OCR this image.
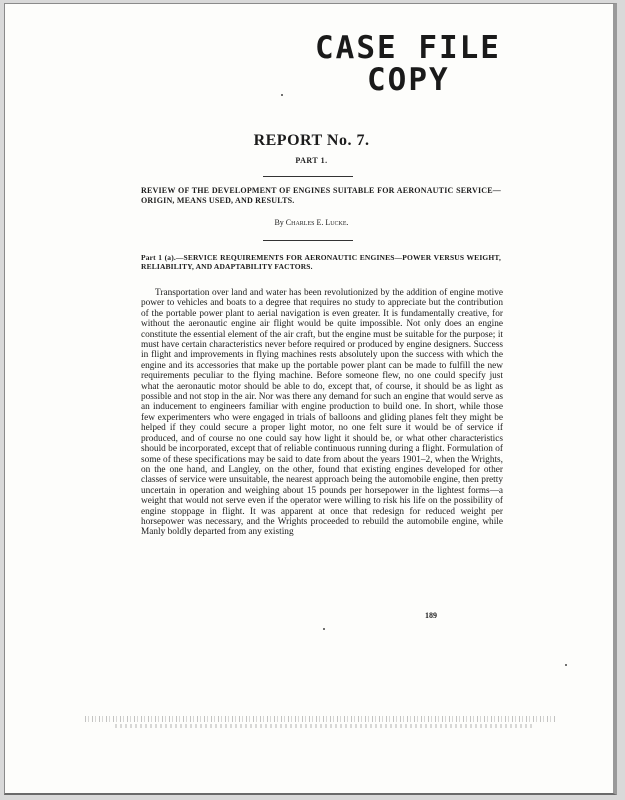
CASE FILE
COPY
REPORT No. 7.
PART 1.
REVIEW OF THE DEVELOPMENT OF ENGINES SUITABLE FOR AERONAUTIC SERVICE—ORIGIN, MEANS USED, AND RESULTS.
By Charles E. Lucke.
Part 1 (a).—SERVICE REQUIREMENTS FOR AERONAUTIC ENGINES—POWER VERSUS WEIGHT, RELIABILITY, AND ADAPTABILITY FACTORS.

Transportation over land and water has been revolutionized by the addition of engine motive power to vehicles and boats to a degree that requires no study to appreciate but the contribution of the portable power plant to aerial navigation is even greater. It is fundamentally creative, for without the aeronautic engine air flight would be quite impossible. Not only does an engine constitute the essential element of the air craft, but the engine must be suitable for the purpose; it must have certain characteristics never before required or produced by engine designers. Success in flight and improvements in flying machines rests absolutely upon the success with which the engine and its accessories that make up the portable power plant can be made to fulfill the new requirements peculiar to the flying machine. Before someone flew, no one could specify just what the aeronautic motor should be able to do, except that, of course, it should be as light as possible and not stop in the air. Nor was there any demand for such an engine that would serve as an inducement to engineers familiar with engine production to build one. In short, while those few experimenters who were engaged in trials of balloons and gliding planes felt they might be helped if they could secure a proper light motor, no one felt sure it would be of service if produced, and of course no one could say how light it should be, or what other characteristics should be incorporated, except that of reliable continuous running during a flight. Formulation of some of these specifications may be said to date from about the years 1901–2, when the Wrights, on the one hand, and Langley, on the other, found that existing engines developed for other classes of service were unsuitable, the nearest approach being the automobile engine, then pretty uncertain in operation and weighing about 15 pounds per horsepower in the lightest forms—a weight that would not serve even if the operator were willing to risk his life on the possibility of engine stoppage in flight. It was apparent at once that redesign for reduced weight per horsepower was necessary, and the Wrights proceeded to rebuild the automobile engine, while Manly boldly departed from any existing

189
